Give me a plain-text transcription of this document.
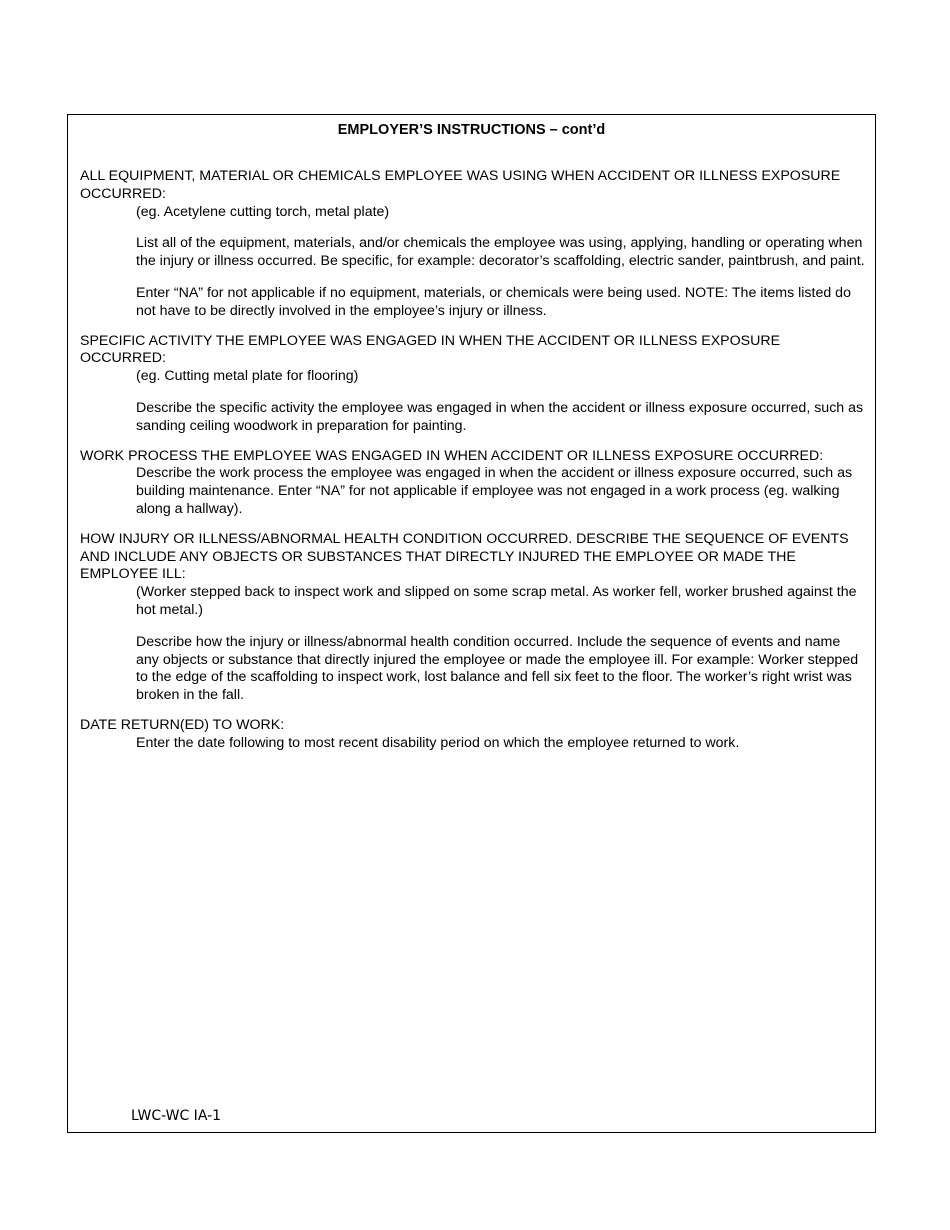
EMPLOYER’S INSTRUCTIONS – cont’d
ALL EQUIPMENT, MATERIAL OR CHEMICALS EMPLOYEE WAS USING WHEN ACCIDENT OR ILLNESS EXPOSURE OCCURRED:
(eg. Acetylene cutting torch, metal plate)
List all of the equipment, materials, and/or chemicals the employee was using, applying, handling or operating when the injury or illness occurred. Be specific, for example: decorator’s scaffolding, electric sander, paintbrush, and paint.
Enter “NA” for not applicable if no equipment, materials, or chemicals were being used. NOTE: The items listed do not have to be directly involved in the employee’s injury or illness.
SPECIFIC ACTIVITY THE EMPLOYEE WAS ENGAGED IN WHEN THE ACCIDENT OR ILLNESS EXPOSURE OCCURRED:
(eg. Cutting metal plate for flooring)
Describe the specific activity the employee was engaged in when the accident or illness exposure occurred, such as sanding ceiling woodwork in preparation for painting.
WORK PROCESS THE EMPLOYEE WAS ENGAGED IN WHEN ACCIDENT OR ILLNESS EXPOSURE OCCURRED:
Describe the work process the employee was engaged in when the accident or illness exposure occurred, such as building maintenance. Enter “NA” for not applicable if employee was not engaged in a work process (eg. walking along a hallway).
HOW INJURY OR ILLNESS/ABNORMAL HEALTH CONDITION OCCURRED. DESCRIBE THE SEQUENCE OF EVENTS AND INCLUDE ANY OBJECTS OR SUBSTANCES THAT DIRECTLY INJURED THE EMPLOYEE OR MADE THE EMPLOYEE ILL:
(Worker stepped back to inspect work and slipped on some scrap metal. As worker fell, worker brushed against the hot metal.)
Describe how the injury or illness/abnormal health condition occurred. Include the sequence of events and name any objects or substance that directly injured the employee or made the employee ill. For example: Worker stepped to the edge of the scaffolding to inspect work, lost balance and fell six feet to the floor. The worker’s right wrist was broken in the fall.
DATE RETURN(ED) TO WORK:
Enter the date following to most recent disability period on which the employee returned to work.
LWC-WC IA-1
